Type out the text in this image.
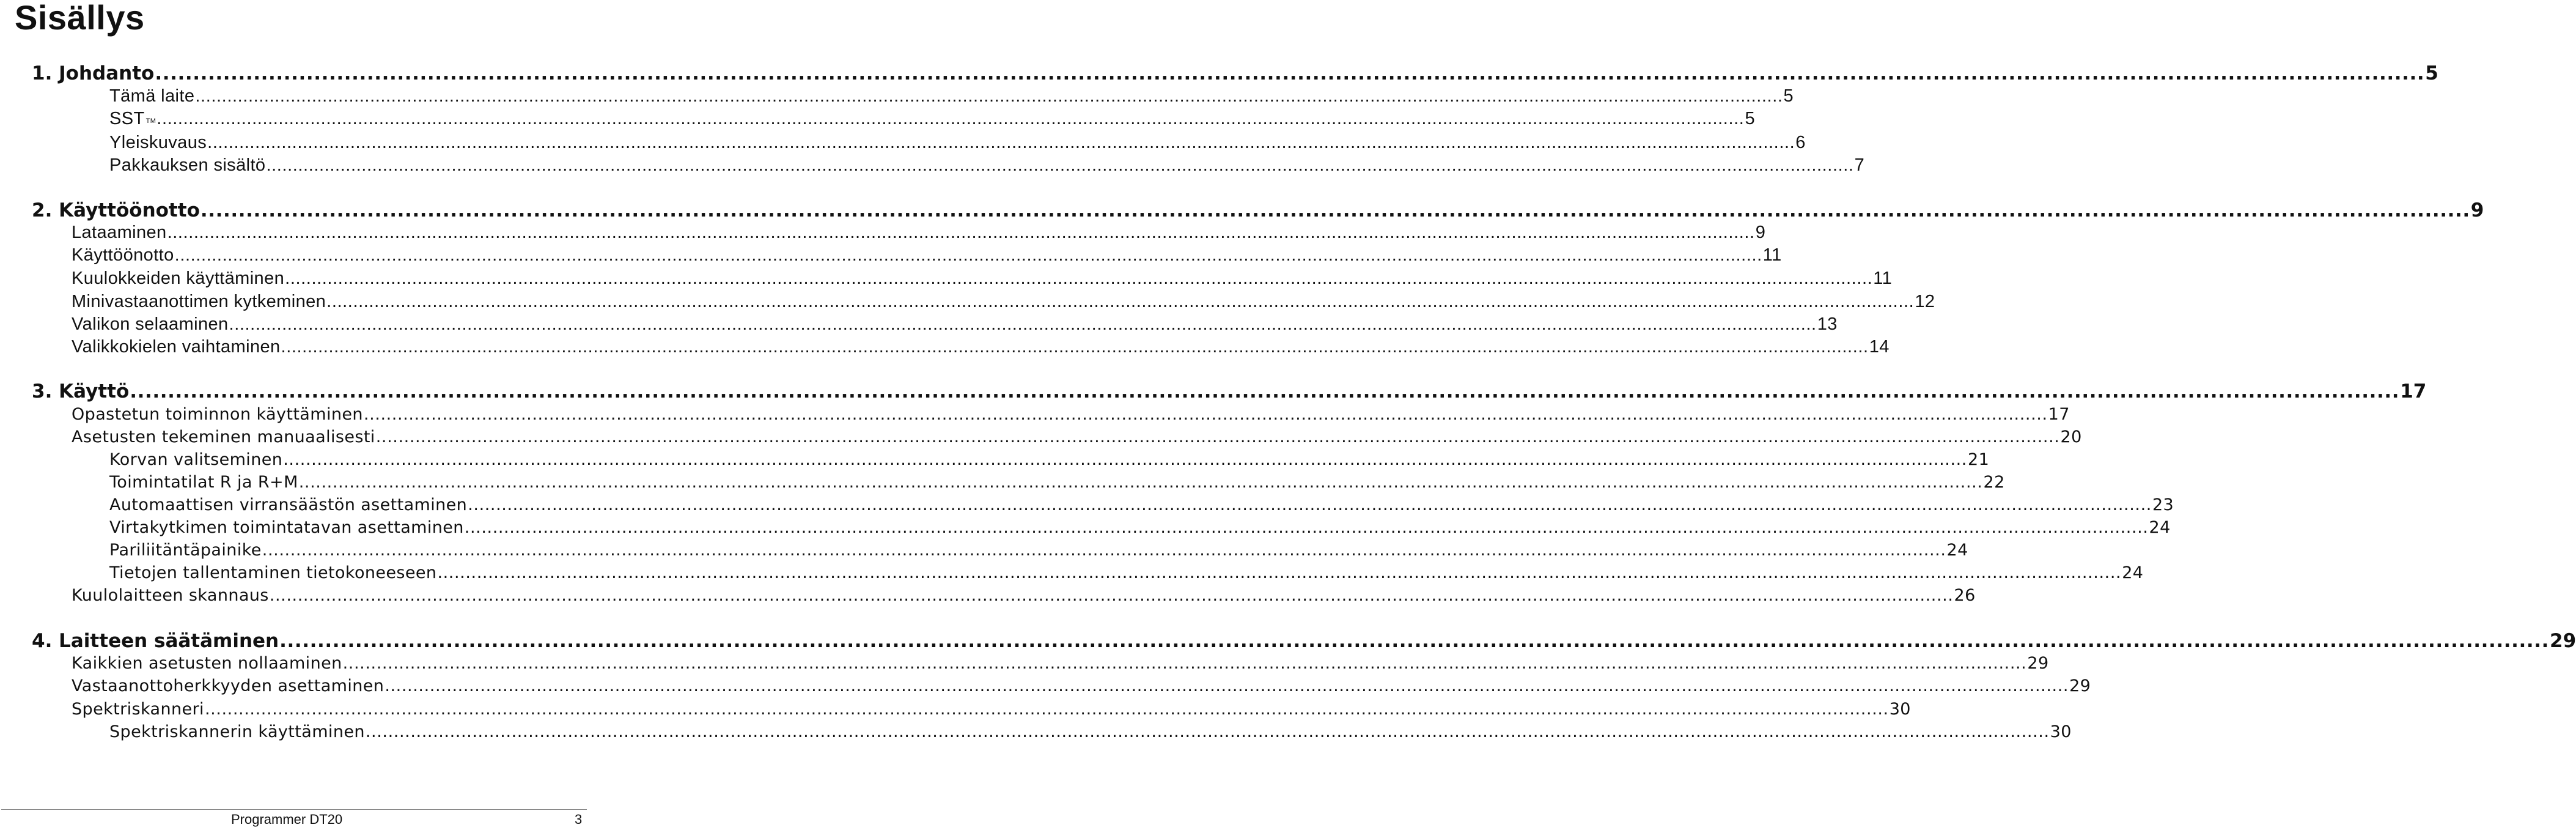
Sisällys
1. Johdanto ............................................................................................................................................................................................................................................................................................................ 5
Tämä laite ............................................................................................................................................................................................................................................................................................................ 5
SST TM ............................................................................................................................................................................................................................................................................................................ 5
Yleiskuvaus ............................................................................................................................................................................................................................................................................................................ 6
Pakkauksen sisältö ............................................................................................................................................................................................................................................................................................................ 7
2. Käyttöönotto ............................................................................................................................................................................................................................................................................................................ 9
Lataaminen ............................................................................................................................................................................................................................................................................................................ 9
Käyttöönotto ............................................................................................................................................................................................................................................................................................................ 11
Kuulokkeiden käyttäminen ............................................................................................................................................................................................................................................................................................................ 11
Minivastaanottimen kytkeminen ............................................................................................................................................................................................................................................................................................................ 12
Valikon selaaminen ............................................................................................................................................................................................................................................................................................................ 13
Valikkokielen vaihtaminen ............................................................................................................................................................................................................................................................................................................ 14
3. Käyttö ............................................................................................................................................................................................................................................................................................................ 17
Opastetun toiminnon käyttäminen ............................................................................................................................................................................................................................................................................................................ 17
Asetusten tekeminen manuaalisesti ............................................................................................................................................................................................................................................................................................................ 20
Korvan valitseminen ............................................................................................................................................................................................................................................................................................................ 21
Toimintatilat R ja R+M ............................................................................................................................................................................................................................................................................................................ 22
Automaattisen virransäästön asettaminen ............................................................................................................................................................................................................................................................................................................ 23
Virtakytkimen toimintatavan asettaminen ............................................................................................................................................................................................................................................................................................................ 24
Pariliitäntäpainike ............................................................................................................................................................................................................................................................................................................ 24
Tietojen tallentaminen tietokoneeseen ............................................................................................................................................................................................................................................................................................................ 24
Kuulolaitteen skannaus ............................................................................................................................................................................................................................................................................................................ 26
4. Laitteen säätäminen ............................................................................................................................................................................................................................................................................................................ 29
Kaikkien asetusten nollaaminen ............................................................................................................................................................................................................................................................................................................ 29
Vastaanottoherkkyyden asettaminen ............................................................................................................................................................................................................................................................................................................ 29
Spektriskanneri ............................................................................................................................................................................................................................................................................................................ 30
Spektriskannerin käyttäminen ............................................................................................................................................................................................................................................................................................................ 30
Programmer DT20	3
